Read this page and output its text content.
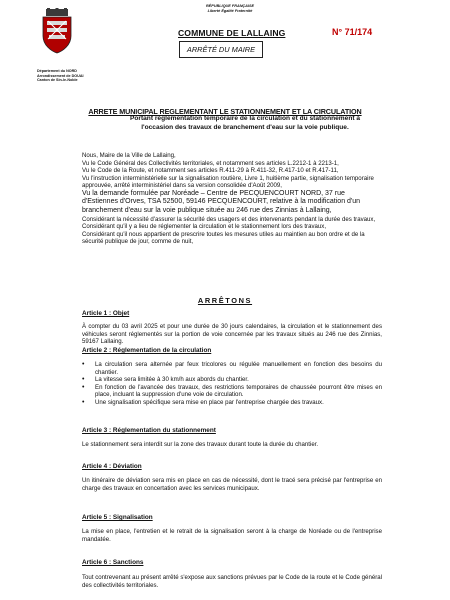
RÉPUBLIQUE FRANÇAISE
Liberté Égalité Fraternité
COMMUNE DE LALLAING	N° 71/174
ARRÊTÉ DU MAIRE
Département du NORD
Arrondissement de DOUAI
Canton de Sin-le-Noble
ARRETE MUNICIPAL REGLEMENTANT LE STATIONNEMENT ET LA CIRCULATION
Portant réglementation temporaire de la circulation et du stationnement à
l'occasion des travaux de branchement d'eau sur la voie publique.

Nous, Maire de la Ville de Lallaing,

Vu le Code Général des Collectivités territoriales, et notamment ses articles L.2212-1 à 2213-1,

Vu le Code de la Route, et notamment ses articles R.411-29 à R.411-32, R.417-10 et R.417-11,

Vu l'instruction interministérielle sur la signalisation routière, Livre 1, huitième partie, signalisation temporaire approuvée, arrêté interministériel dans sa version consolidée d'Août 2009,

Vu la demande formulée par Noréade – Centre de PECQUENCOURT NORD, 37 rue d'Estiennes d'Orves, TSA 52500, 59146 PECQUENCOURT, relative à la modification d'un branchement d'eau sur la voie publique située au 246 rue des Zinnias à Lallaing,

Considérant la nécessité d'assurer la sécurité des usagers et des intervenants pendant la durée des travaux,

Considérant qu'il y a lieu de réglementer la circulation et le stationnement lors des travaux,

Considérant qu'il nous appartient de prescrire toutes les mesures utiles au maintien au bon ordre et de la sécurité publique de jour, comme de nuit,

ARRÊTONS
Article 1 : Objet

À compter du 03 avril 2025 et pour une durée de 30 jours calendaires, la circulation et le stationnement des véhicules seront réglementés sur la portion de voie concernée par les travaux situés au 246 rue des Zinnias, 59167 Lallaing.

Article 2 : Réglementation de la circulation
• La circulation sera alternée par feux tricolores ou régulée manuellement en fonction des besoins du chantier.
• La vitesse sera limitée à 30 km/h aux abords du chantier.
• En fonction de l'avancée des travaux, des restrictions temporaires de chaussée pourront être mises en place, incluant la suppression d'une voie de circulation.
• Une signalisation spécifique sera mise en place par l'entreprise chargée des travaux.
Article 3 : Réglementation du stationnement

Le stationnement sera interdit sur la zone des travaux durant toute la durée du chantier.

Article 4 : Déviation

Un itinéraire de déviation sera mis en place en cas de nécessité, dont le tracé sera précisé par l'entreprise en charge des travaux en concertation avec les services municipaux.

Article 5 : Signalisation

La mise en place, l'entretien et le retrait de la signalisation seront à la charge de Noréade ou de l'entreprise mandatée.

Article 6 : Sanctions

Tout contrevenant au présent arrêté s'expose aux sanctions prévues par le Code de la route et le Code général des collectivités territoriales.
